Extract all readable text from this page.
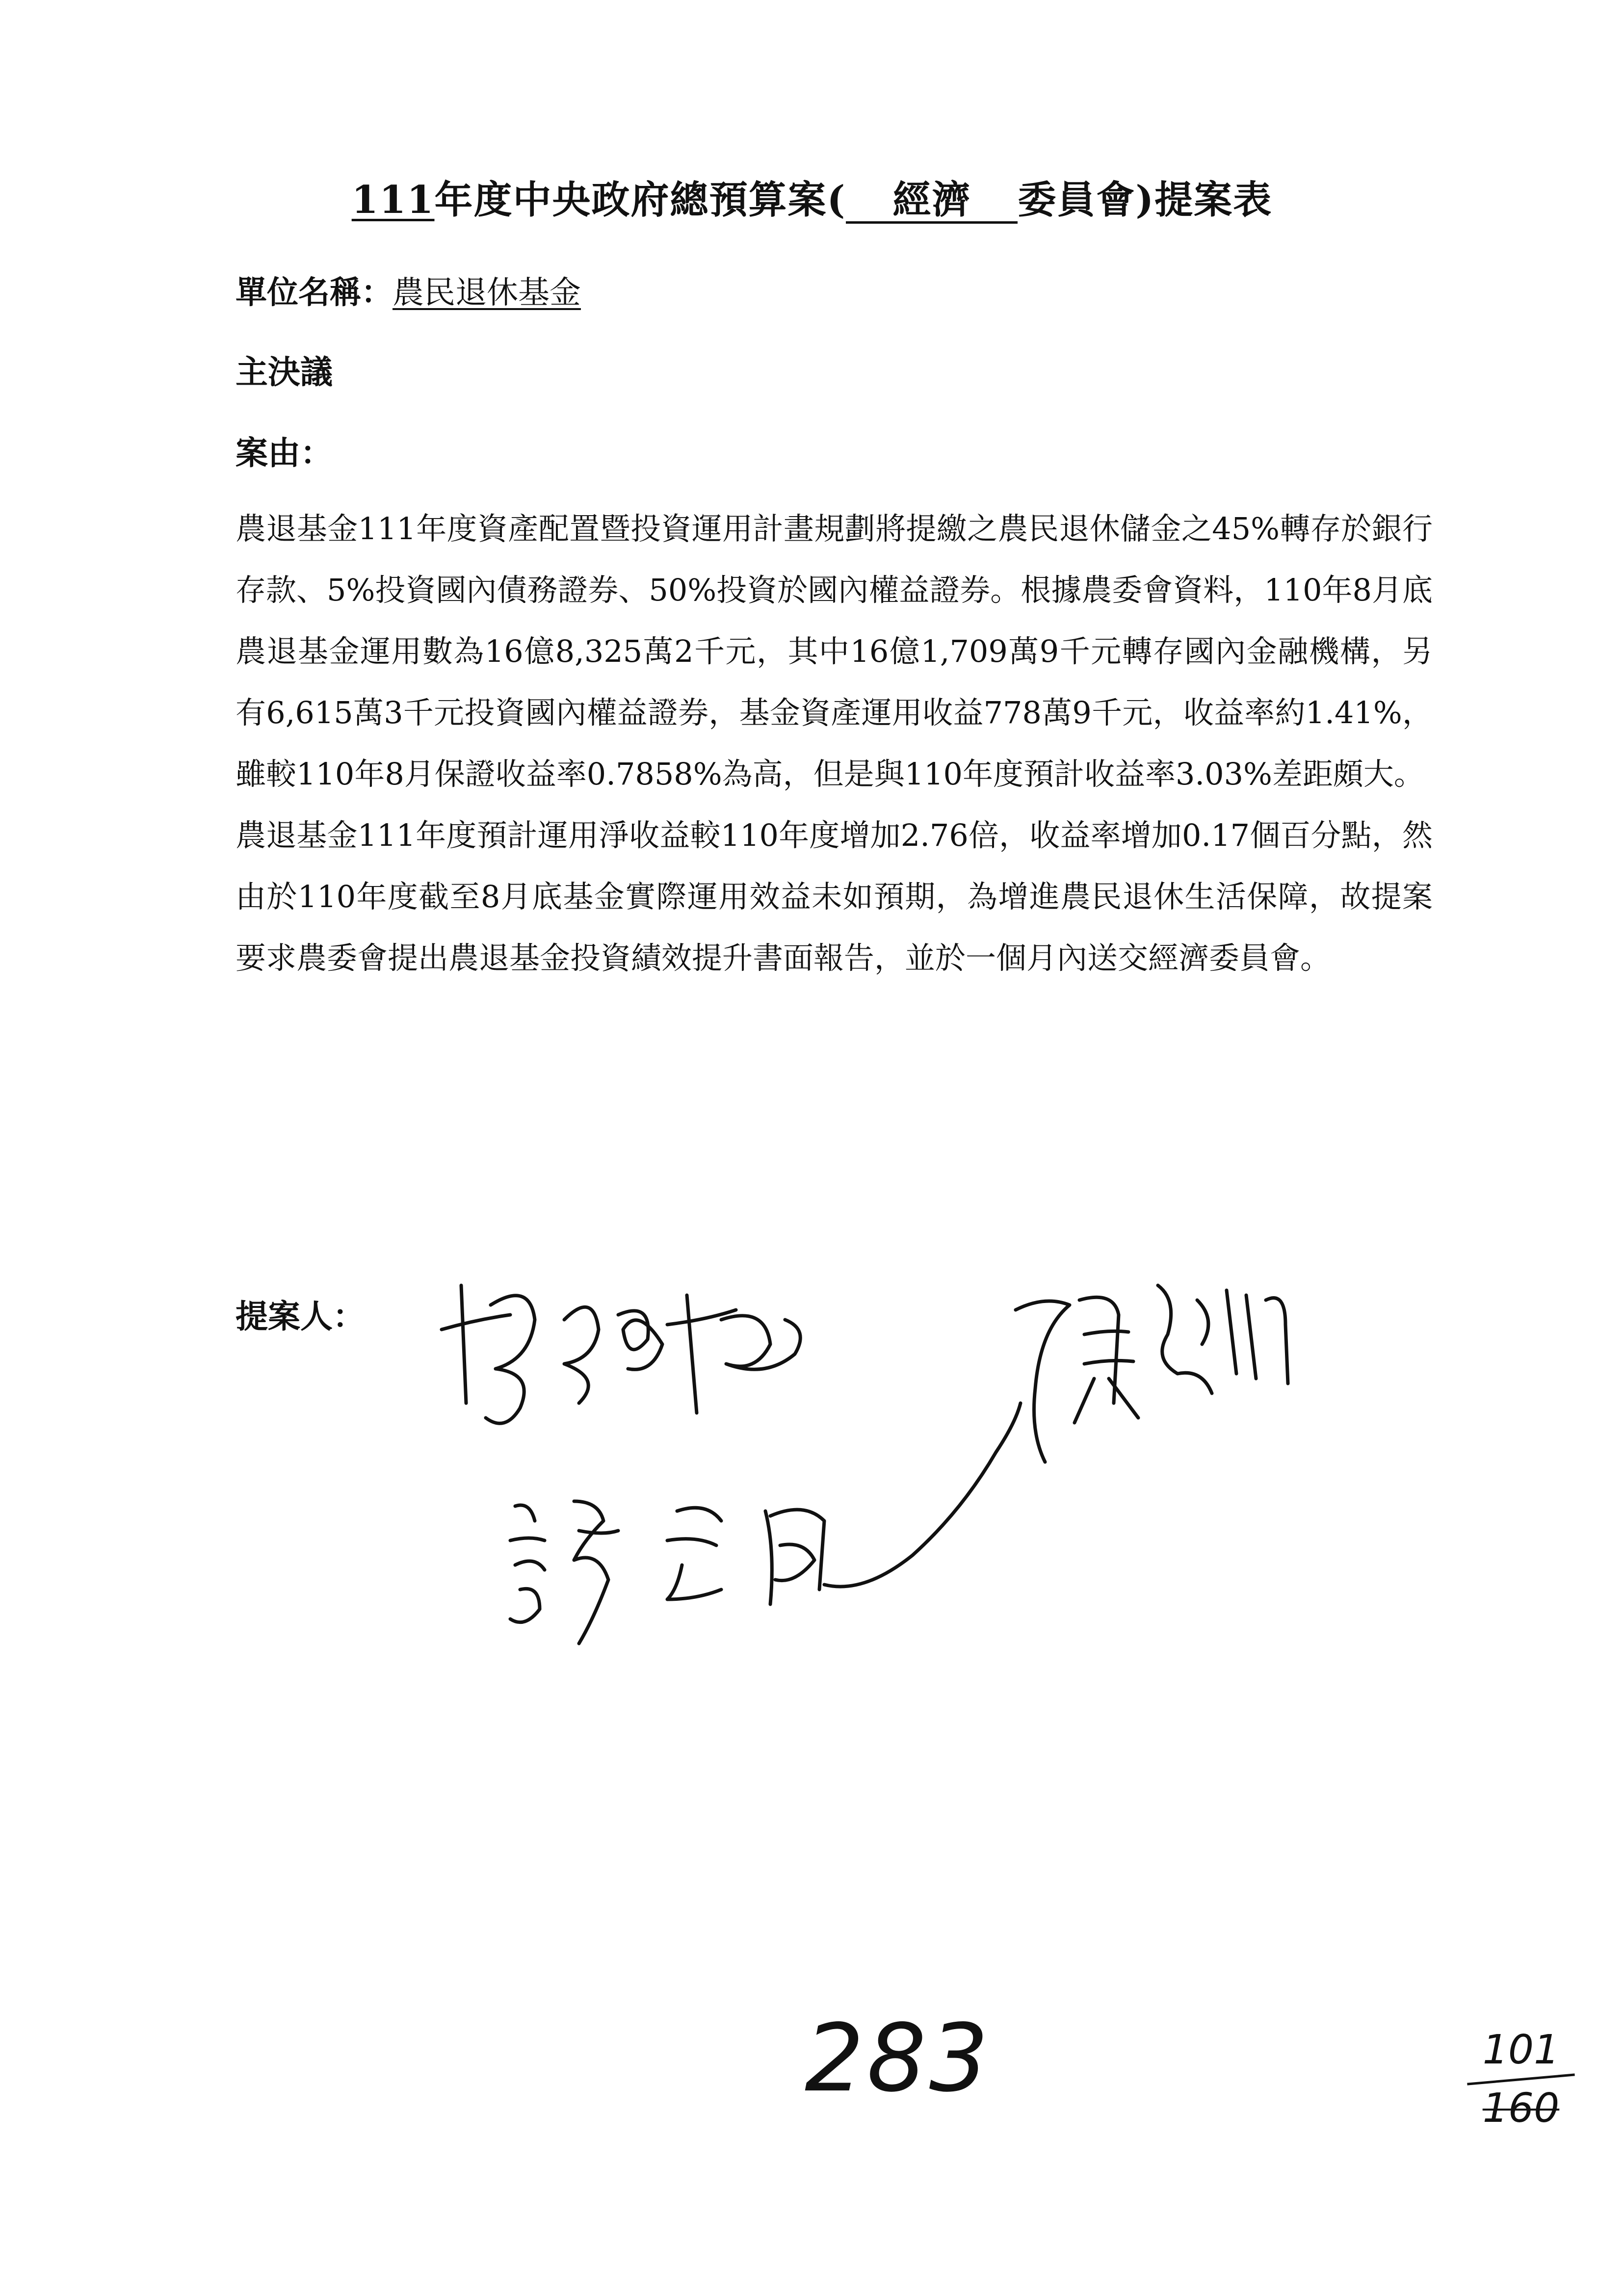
111年度中央政府總預算案( 經濟 委員會)提案表
單位名稱：農民退休基金
主決議
案由：

農退基金111年度資產配置暨投資運用計畫規劃將提繳之農民退休儲金之45%轉存於銀行存款、5%投資國內債務證券、50%投資於國內權益證券。根據農委會資料，110年8月底農退基金運用數為16億8,325萬2千元，其中16億1,709萬9千元轉存國內金融機構，另有6,615萬3千元投資國內權益證券，基金資產運用收益778萬9千元，收益率約1.41%，雖較110年8月保證收益率0.7858%為高，但是與110年度預計收益率3.03%差距頗大。

農退基金111年度預計運用淨收益較110年度增加2.76倍，收益率增加0.17個百分點，然由於110年度截至8月底基金實際運用效益未如預期，為增進農民退休生活保障，故提案要求農委會提出農退基金投資績效提升書面報告，並於一個月內送交經濟委員會。

提案人：
283	101
160
